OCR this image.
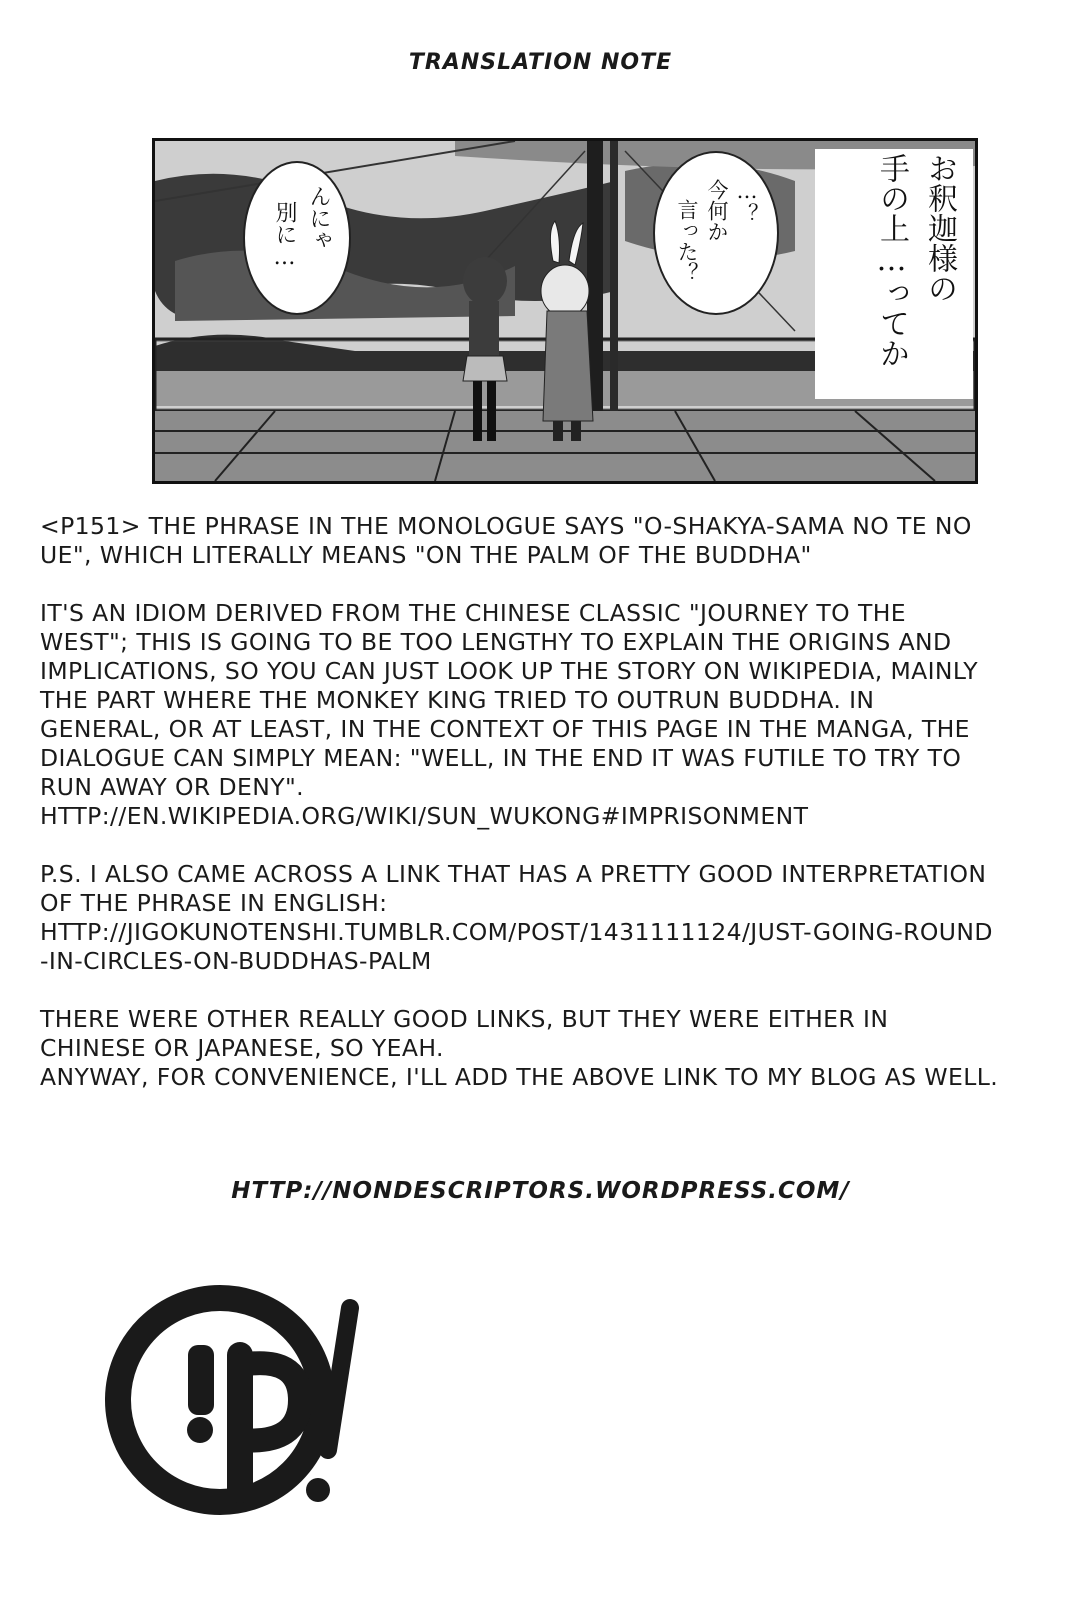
TRANSLATION NOTE
んにゃ
別に…	…？
今何か
言った？	お釈迦様の
手の上…ってか

<P151> THE PHRASE IN THE MONOLOGUE SAYS "O-SHAKYA-SAMA NO TE NO UE", WHICH LITERALLY MEANS "ON THE PALM OF THE BUDDHA"

IT'S AN IDIOM DERIVED FROM THE CHINESE CLASSIC "JOURNEY TO THE WEST"; THIS IS GOING TO BE TOO LENGTHY TO EXPLAIN THE ORIGINS AND IMPLICATIONS, SO YOU CAN JUST LOOK UP THE STORY ON WIKIPEDIA, MAINLY THE PART WHERE THE MONKEY KING TRIED TO OUTRUN BUDDHA. IN GENERAL, OR AT LEAST, IN THE CONTEXT OF THIS PAGE IN THE MANGA, THE DIALOGUE CAN SIMPLY MEAN: "WELL, IN THE END IT WAS FUTILE TO TRY TO RUN AWAY OR DENY".

HTTP://EN.WIKIPEDIA.ORG/WIKI/SUN_WUKONG#IMPRISONMENT

P.S. I ALSO CAME ACROSS A LINK THAT HAS A PRETTY GOOD INTERPRETATION OF THE PHRASE IN ENGLISH:

HTTP://JIGOKUNOTENSHI.TUMBLR.COM/POST/1431111124/JUST-GOING-ROUND-IN-CIRCLES-ON-BUDDHAS-PALM

THERE WERE OTHER REALLY GOOD LINKS, BUT THEY WERE EITHER IN CHINESE OR JAPANESE, SO YEAH.

ANYWAY, FOR CONVENIENCE, I'LL ADD THE ABOVE LINK TO MY BLOG AS WELL.

HTTP://NONDESCRIPTORS.WORDPRESS.COM/
